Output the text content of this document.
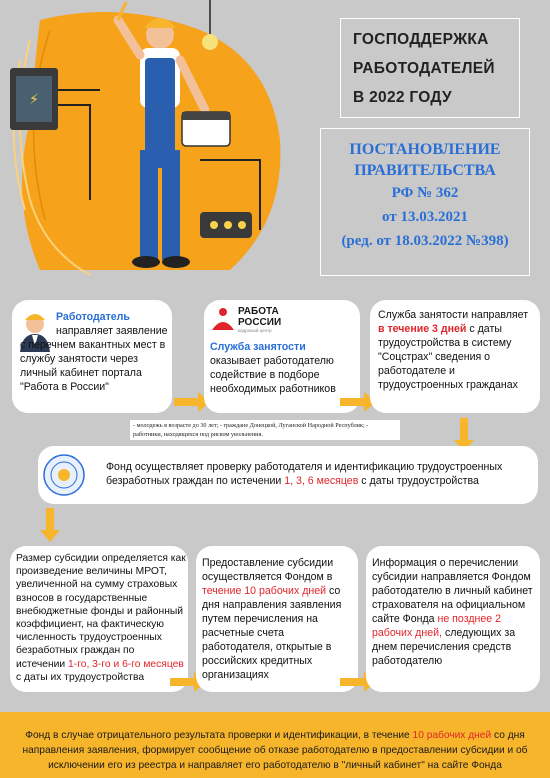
⚡

ГОСПОДДЕРЖКА
РАБОТОДАТЕЛЕЙ
В 2022 ГОДУ

ПОСТАНОВЛЕНИЕ
ПРАВИТЕЛЬСТВА
РФ № 362
от 13.03.2021
(ред. от 18.03.2022 №398)
Работодатель
направляет заявление с перечнем вакантных мест в службу занятости через личный кабинет портала "Работа в России"
РАБОТА
РОССИИ
кадровый центр
Служба занятости
оказывает работодателю содействие в подборе необходимых работников
Служба занятости направляет в течение 3 дней с даты трудоустройства в систему "Соцстрах" сведения о работодателе и трудоустроенных гражданах
- молодежь в возрасте до 30 лет; - граждане Донецкой, Луганской Народной Республик; - работники, находящихся под риском увольнения.
Фонд осуществляет проверку работодателя и идентификацию трудоустроенных безработных граждан по истечении 1, 3, 6 месяцев с даты трудоустройства
Размер субсидии определяется как произведение величины МРОТ, увеличенной на сумму страховых взносов в государственные внебюджетные фонды и районный коэффициент, на фактическую численность трудоустроенных безработных граждан по истечении 1-го, 3-го и 6-го месяцев с даты их трудоустройства
Предоставление субсидии осуществляется Фондом в течение 10 рабочих дней со дня направления заявления путем перечисления на расчетные счета работодателя, открытые в российских кредитных организациях
Информация о перечислении субсидии направляется Фондом работодателю в личный кабинет страхователя на официальном сайте Фонда не позднее 2 рабочих дней, следующих за днем перечисления средств работодателю

Фонд в случае отрицательного результата проверки и идентификации, в течение 10 рабочих дней со дня направления заявления, формирует сообщение об отказе работодателю в предоставлении субсидии и об исключении его из реестра и направляет его работодателю в "личный кабинет" на сайте Фонда
